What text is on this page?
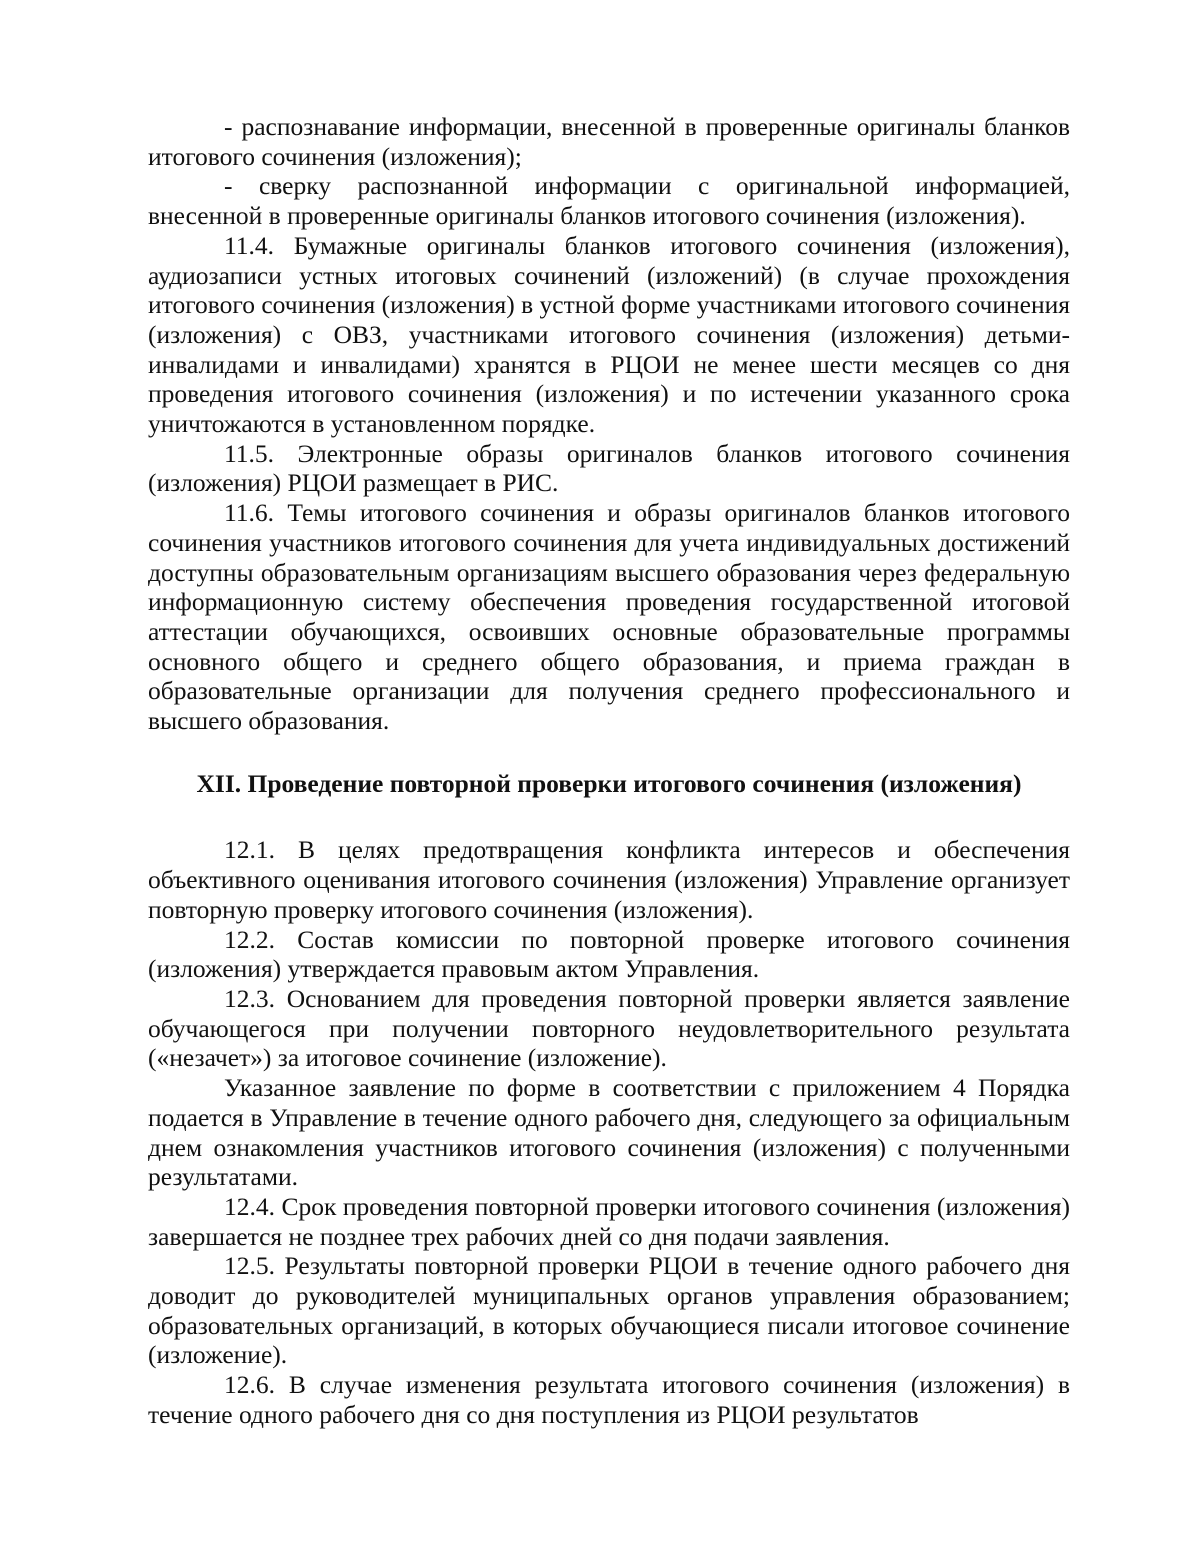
- распознавание информации, внесенной в проверенные оригиналы бланков итогового сочинения (изложения);

- сверку распознанной информации с оригинальной информацией, внесенной в проверенные оригиналы бланков итогового сочинения (изложения).

11.4. Бумажные оригиналы бланков итогового сочинения (изложения), аудиозаписи устных итоговых сочинений (изложений) (в случае прохождения итогового сочинения (изложения) в устной форме участниками итогового сочинения (изложения) с ОВЗ, участниками итогового сочинения (изложения) детьми-инвалидами и инвалидами) хранятся в РЦОИ не менее шести месяцев со дня проведения итогового сочинения (изложения) и по истечении указанного срока уничтожаются в установленном порядке.

11.5. Электронные образы оригиналов бланков итогового сочинения (изложения) РЦОИ размещает в РИС.

11.6. Темы итогового сочинения и образы оригиналов бланков итогового сочинения участников итогового сочинения для учета индивидуальных достижений доступны образовательным организациям высшего образования через федеральную информационную систему обеспечения проведения государственной итоговой аттестации обучающихся, освоивших основные образовательные программы основного общего и среднего общего образования, и приема граждан в образовательные организации для получения среднего профессионального и высшего образования.

XII. Проведение повторной проверки итогового сочинения (изложения)

12.1. В целях предотвращения конфликта интересов и обеспечения объективного оценивания итогового сочинения (изложения) Управление организует повторную проверку итогового сочинения (изложения).

12.2. Состав комиссии по повторной проверке итогового сочинения (изложения) утверждается правовым актом Управления.

12.3. Основанием для проведения повторной проверки является заявление обучающегося при получении повторного неудовлетворительного результата («незачет») за итоговое сочинение (изложение).

Указанное заявление по форме в соответствии с приложением 4 Порядка подается в Управление в течение одного рабочего дня, следующего за официальным днем ознакомления участников итогового сочинения (изложения) с полученными результатами.

12.4. Срок проведения повторной проверки итогового сочинения (изложения) завершается не позднее трех рабочих дней со дня подачи заявления.

12.5. Результаты повторной проверки РЦОИ в течение одного рабочего дня доводит до руководителей муниципальных органов управления образованием; образовательных организаций, в которых обучающиеся писали итоговое сочинение (изложение).

12.6. В случае изменения результата итогового сочинения (изложения) в течение одного рабочего дня со дня поступления из РЦОИ результатов
